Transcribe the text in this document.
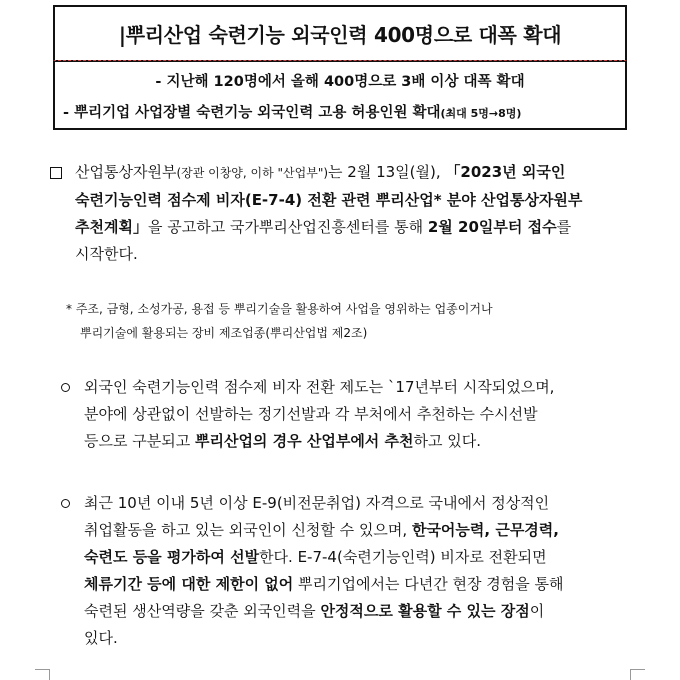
|뿌리산업 숙련기능 외국인력 400명으로 대폭 확대
- 지난해 120명에서 올해 400명으로 3배 이상 대폭 확대
- 뿌리기업 사업장별 숙련기능 외국인력 고용 허용인원 확대(최대 5명→8명)
산업통상자원부(장관 이창양, 이하 "산업부")는 2월 13일(월), 「2023년 외국인
숙련기능인력 점수제 비자(E-7-4) 전환 관련 뿌리산업* 분야 산업통상자원부
추천계획」을 공고하고 국가뿌리산업진흥센터를 통해 2월 20일부터 접수를
시작한다.
* 주조, 금형, 소성가공, 용접 등 뿌리기술을 활용하여 사업을 영위하는 업종이거나
뿌리기술에 활용되는 장비 제조업종(뿌리산업법 제2조)
외국인 숙련기능인력 점수제 비자 전환 제도는 `17년부터 시작되었으며,
분야에 상관없이 선발하는 정기선발과 각 부처에서 추천하는 수시선발
등으로 구분되고 뿌리산업의 경우 산업부에서 추천하고 있다.
최근 10년 이내 5년 이상 E-9(비전문취업) 자격으로 국내에서 정상적인
취업활동을 하고 있는 외국인이 신청할 수 있으며, 한국어능력, 근무경력,
숙련도 등을 평가하여 선발한다. E-7-4(숙련기능인력) 비자로 전환되면
체류기간 등에 대한 제한이 없어 뿌리기업에서는 다년간 현장 경험을 통해
숙련된 생산역량을 갖춘 외국인력을 안정적으로 활용할 수 있는 장점이
있다.
